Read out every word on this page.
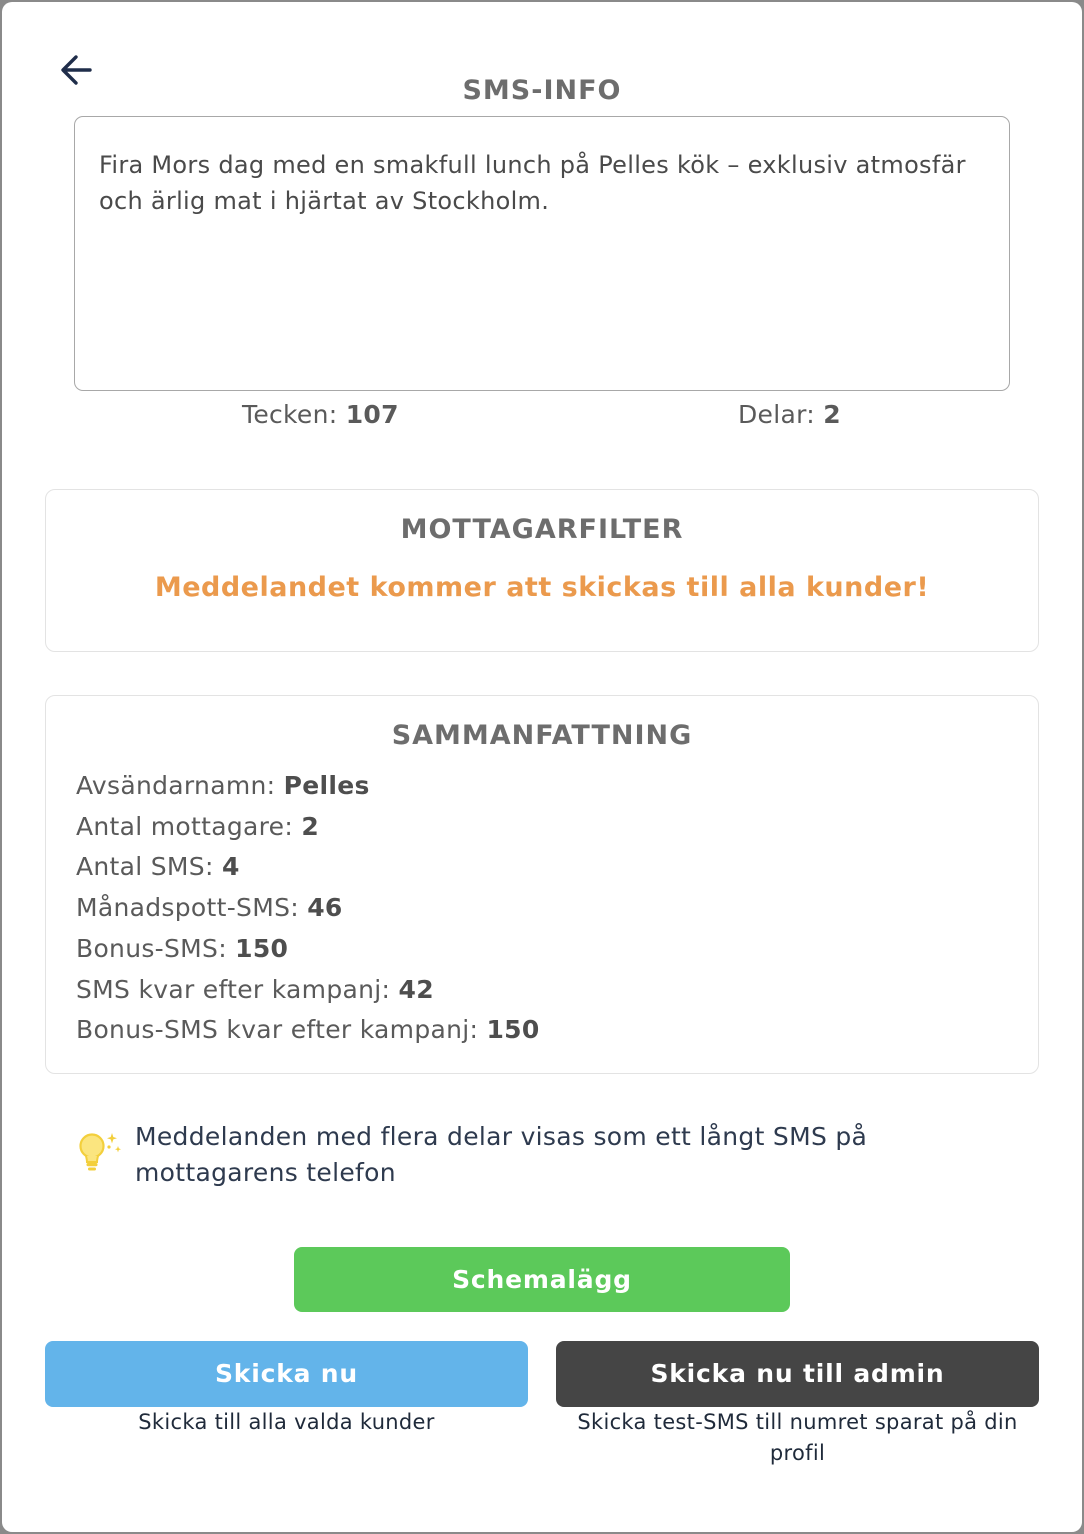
SMS-INFO
Fira Mors dag med en smakfull lunch på Pelles kök – exklusiv atmosfär och ärlig mat i hjärtat av Stockholm.
Tecken: 107	Delar: 2
MOTTAGARFILTER
Meddelandet kommer att skickas till alla kunder!
SAMMANFATTNING
Avsändarnamn: Pelles
Antal mottagare: 2
Antal SMS: 4
Månadspott-SMS: 46
Bonus-SMS: 150
SMS kvar efter kampanj: 42
Bonus-SMS kvar efter kampanj: 150
Meddelanden med flera delar visas som ett långt SMS på mottagarens telefon
Schemalägg
Skicka nu
Skicka till alla valda kunder
Skicka nu till admin
Skicka test-SMS till numret sparat på din profil
